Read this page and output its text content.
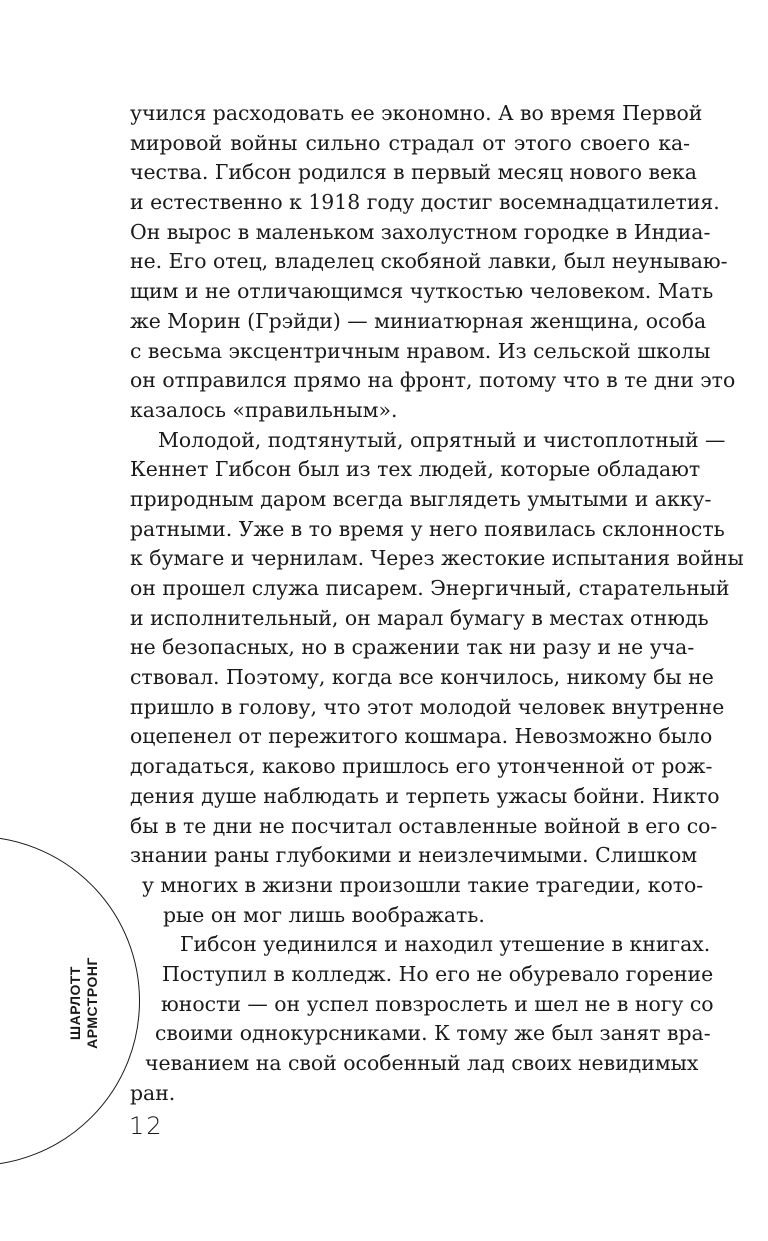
ШАРЛОТТ АРМСТРОНГ
учился расходовать ее экономно. А во время Первой
мировой войны сильно страдал от этого своего ка-
чества. Гибсон родился в первый месяц нового века
и естественно к 1918 году достиг восемнадцатилетия.
Он вырос в маленьком захолустном городке в Индиа-
не. Его отец, владелец скобяной лавки, был неунываю-
щим и не отличающимся чуткостью человеком. Мать
же Морин (Грэйди) — миниатюрная женщина, особа
с весьма эксцентричным нравом. Из сельской школы
он отправился прямо на фронт, потому что в те дни это
казалось «правильным».
Молодой, подтянутый, опрятный и чистоплотный —
Кеннет Гибсон был из тех людей, которые обладают
природным даром всегда выглядеть умытыми и акку-
ратными. Уже в то время у него появилась склонность
к бумаге и чернилам. Через жестокие испытания войны
он прошел служа писарем. Энергичный, старательный
и исполнительный, он марал бумагу в местах отнюдь
не безопасных, но в сражении так ни разу и не уча-
ствовал. Поэтому, когда все кончилось, никому бы не
пришло в голову, что этот молодой человек внутренне
оцепенел от пережитого кошмара. Невозможно было
догадаться, каково пришлось его утонченной от рож-
дения душе наблюдать и терпеть ужасы бойни. Никто
бы в те дни не посчитал оставленные войной в его со-
знании раны глубокими и неизлечимыми. Слишком
у многих в жизни произошли такие трагедии, кото-
рые он мог лишь воображать.
Гибсон уединился и находил утешение в книгах.
Поступил в колледж. Но его не обуревало горение
юности — он успел повзрослеть и шел не в ногу со
своими однокурсниками. К тому же был занят вра-
чеванием на свой особенный лад своих невидимых
ран.
12
